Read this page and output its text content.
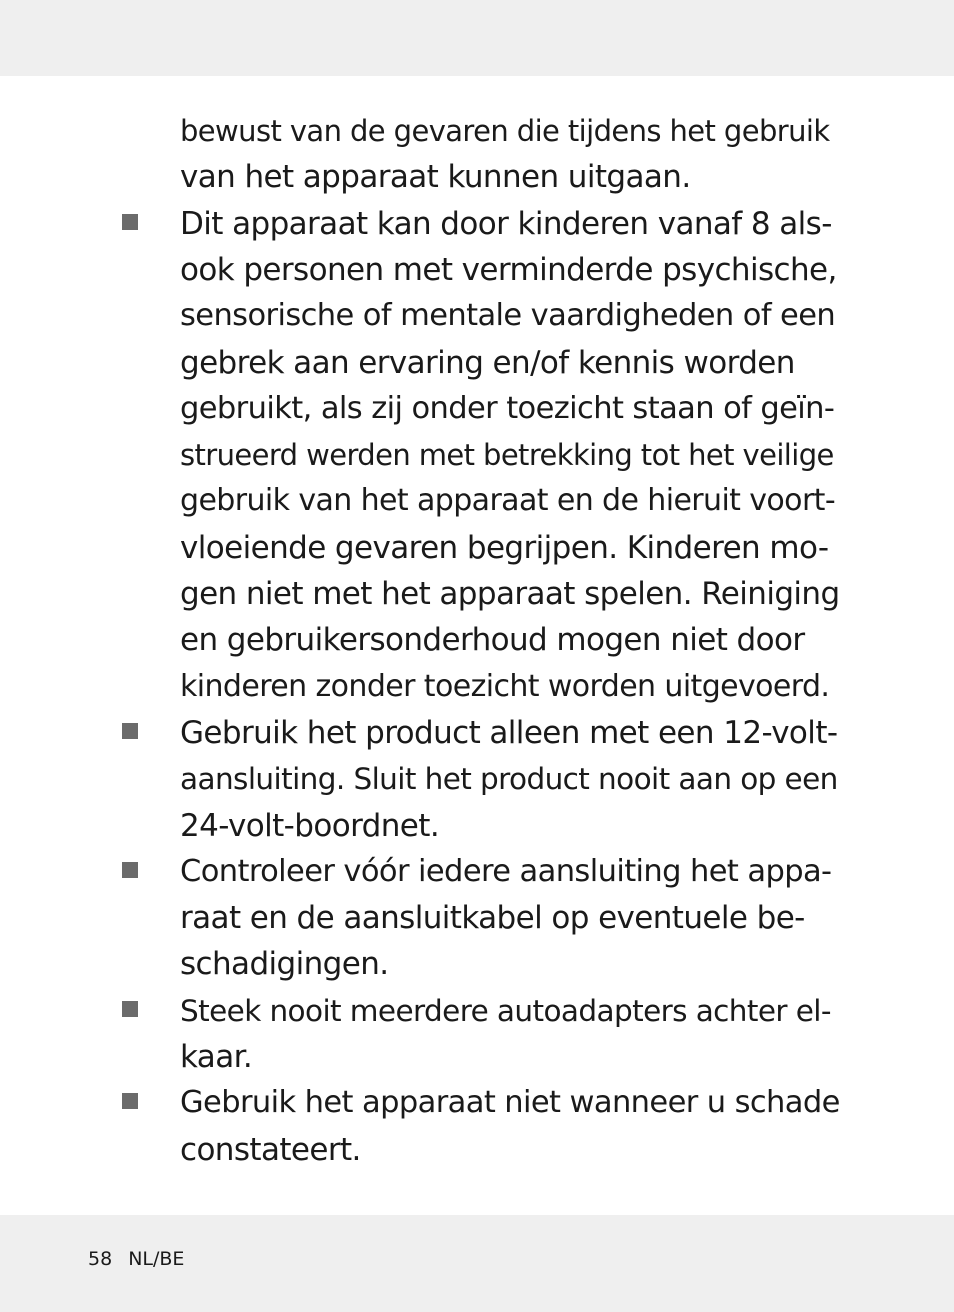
bewust van de gevaren die tijdens het gebruik
van het apparaat kunnen uitgaan.
Dit apparaat kan door kinderen vanaf 8 als-
ook personen met verminderde psychische,
sensorische of mentale vaardigheden of een
gebrek aan ervaring en/of kennis worden
gebruikt, als zij onder toezicht staan of geïn-
strueerd werden met betrekking tot het veilige
gebruik van het apparaat en de hieruit voort-
vloeiende gevaren begrijpen. Kinderen mo-
gen niet met het apparaat spelen. Reiniging
en gebruikersonderhoud mogen niet door
kinderen zonder toezicht worden uitgevoerd.
Gebruik het product alleen met een 12-volt-
aansluiting. Sluit het product nooit aan op een
24-volt-boordnet.
Controleer vóór iedere aansluiting het appa-
raat en de aansluitkabel op eventuele be-
schadigingen.
Steek nooit meerdere autoadapters achter el-
kaar.
Gebruik het apparaat niet wanneer u schade
constateert.
58 NL/BE
